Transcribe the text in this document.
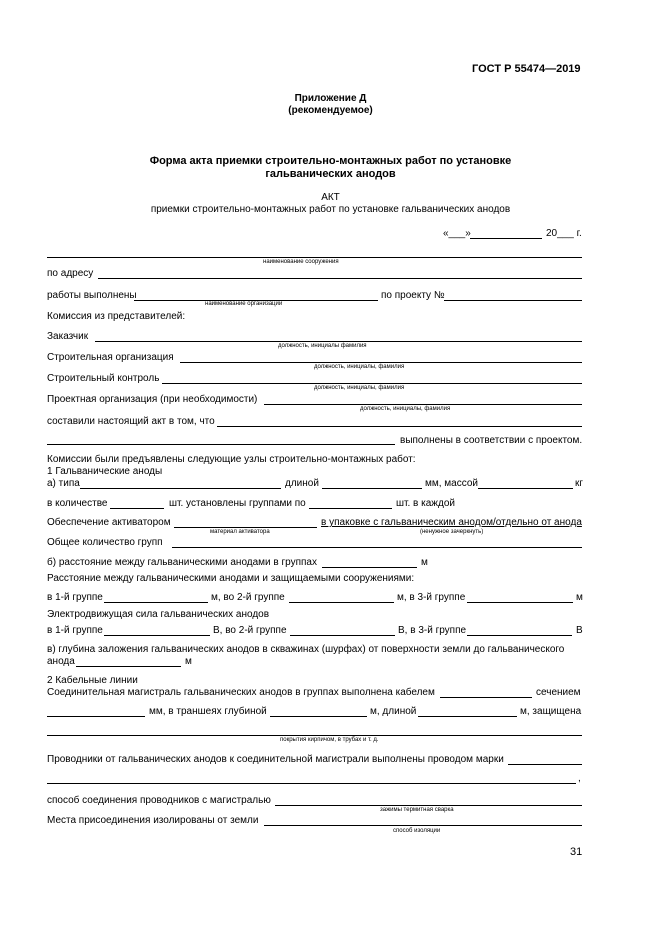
ГОСТ Р 55474—2019
Приложение Д
(рекомендуемое)
Форма акта приемки строительно-монтажных работ по установке
гальванических анодов
АКТ
приемки строительно-монтажных работ по установке гальванических анодов
«___»	20___ г.
наименование сооружения
по адресу
работы выполнены	по проекту №
наименование организации
Комиссия из представителей:
Заказчик
должность, инициалы фамилия
Строительная организация
должность, инициалы, фамилия
Строительный контроль
должность, инициалы, фамилия
Проектная организация (при необходимости)
должность, инициалы, фамилия
составили настоящий акт в том, что
выполнены в соответствии с проектом.
Комиссии были предъявлены следующие узлы строительно-монтажных работ:
1 Гальванические аноды
а) типа	длиной	мм, массой	кг
в количестве	шт. установлены группами по	шт. в каждой
Обеспечение активатором	в упаковке с гальваническим анодом/отдельно от анода
материал активатора	(ненужное зачеркнуть)
Общее количество групп
б) расстояние между гальваническими анодами в группах	м
Расстояние между гальваническими анодами и защищаемыми сооружениями:
в 1-й группе	м, во 2-й группе	м, в 3-й группе	м
Электродвижущая сила гальванических анодов
в 1-й группе	В, во 2-й группе	В, в 3-й группе	В
в) глубина заложения гальванических анодов в скважинах (шурфах) от поверхности земли до гальванического
анода	м
2 Кабельные линии
Соединительная магистраль гальванических анодов в группах выполнена кабелем	сечением
мм, в траншеях глубиной	м, длиной	м, защищена
покрытия кирпичом, в трубах и т. д.
Проводники от гальванических анодов к соединительной магистрали выполнены проводом марки
,
способ соединения проводников с магистралью
зажимы термитная сварка
Места присоединения изолированы от земли
способ изоляции
31
